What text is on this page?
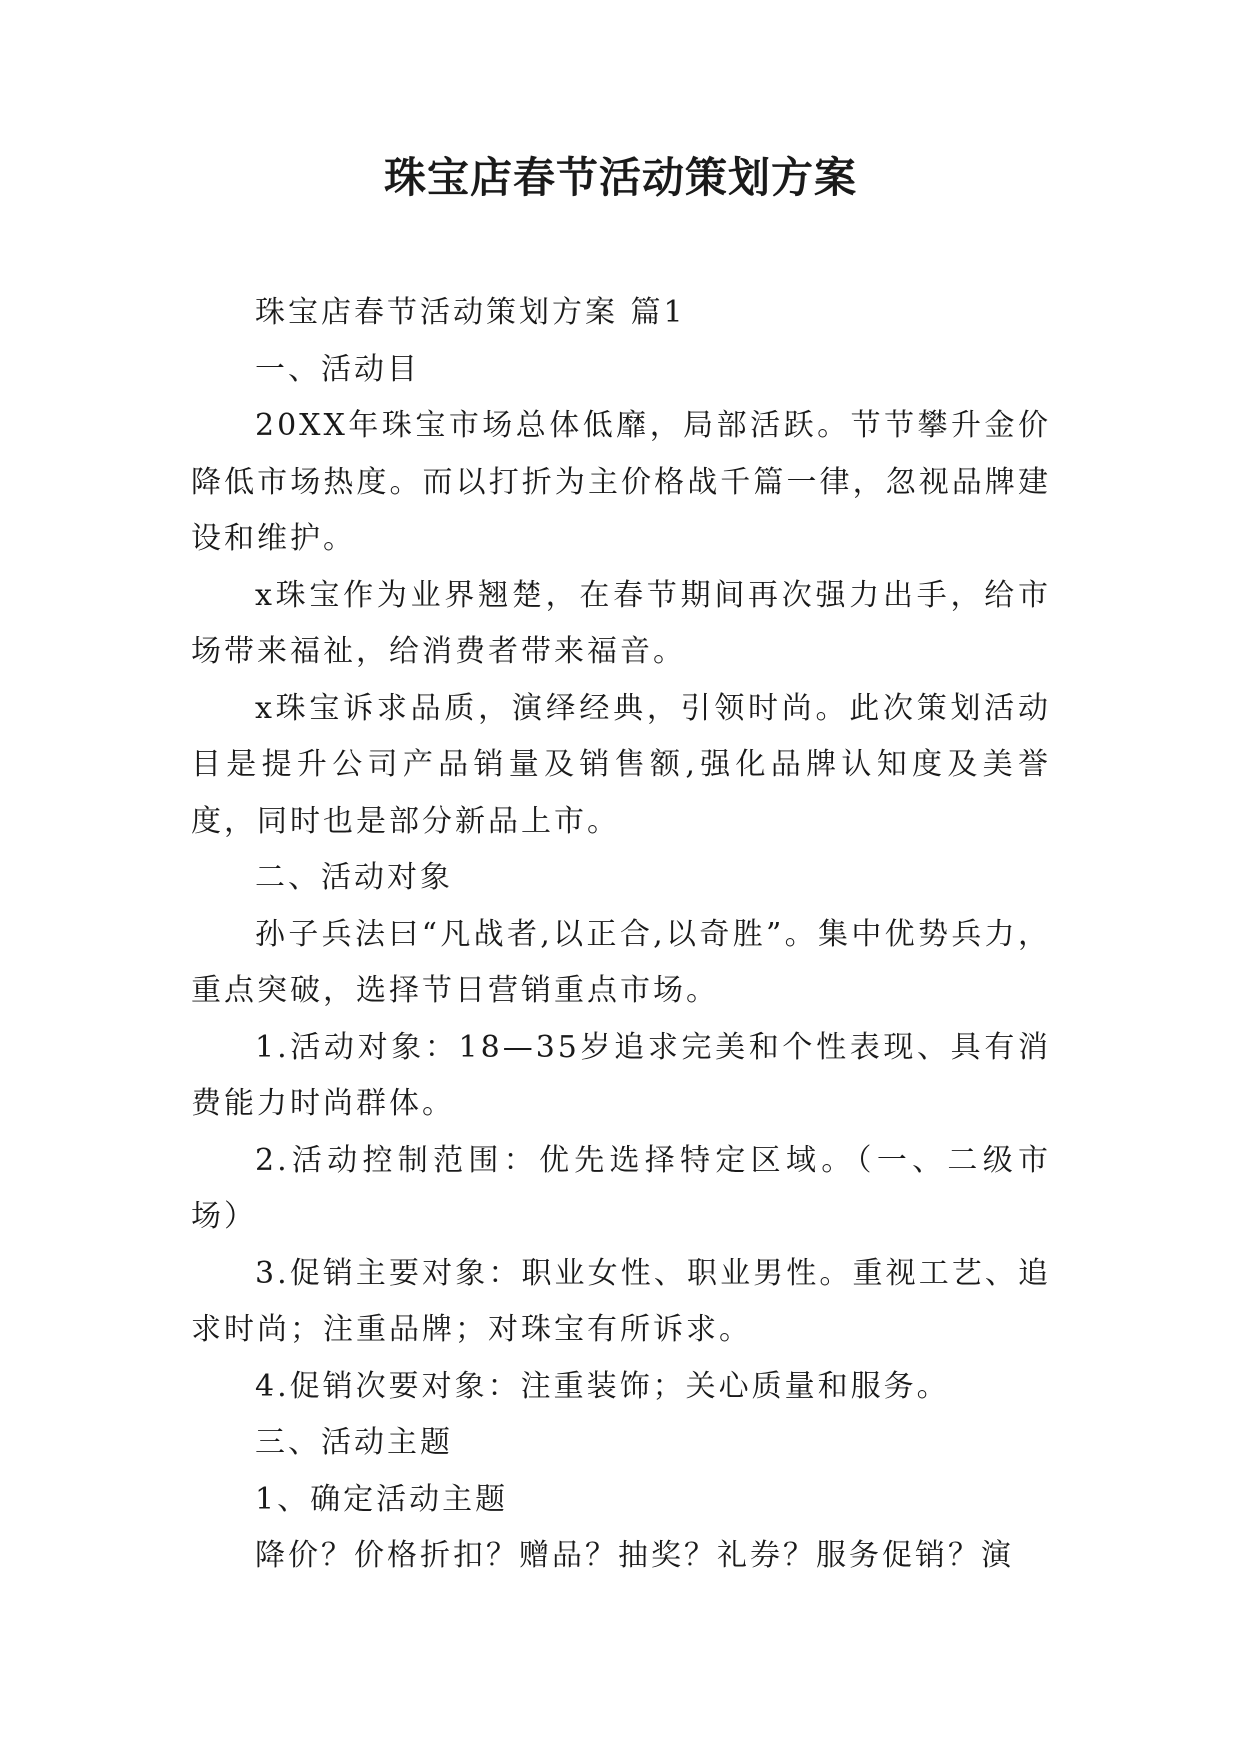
珠宝店春节活动策划方案

珠宝店春节活动策划方案 篇1

一、活动目

20XX年珠宝市场总体低靡，局部活跃。节节攀升金价降低市场热度。而以打折为主价格战千篇一律，忽视品牌建设和维护。

x珠宝作为业界翘楚，在春节期间再次强力出手，给市场带来福祉，给消费者带来福音。

x珠宝诉求品质，演绎经典，引领时尚。此次策划活动目是提升公司产品销量及销售额,强化品牌认知度及美誉度，同时也是部分新品上市。

二、活动对象

孙子兵法曰“凡战者,以正合,以奇胜”。集中优势兵力，重点突破，选择节日营销重点市场。

1.活动对象：18—35岁追求完美和个性表现、具有消费能力时尚群体。

2.活动控制范围：优先选择特定区域。（一、二级市场）

3.促销主要对象：职业女性、职业男性。重视工艺、追求时尚；注重品牌；对珠宝有所诉求。

4.促销次要对象：注重装饰；关心质量和服务。

三、活动主题

1、确定活动主题

降价？价格折扣？赠品？抽奖？礼券？服务促销？演
